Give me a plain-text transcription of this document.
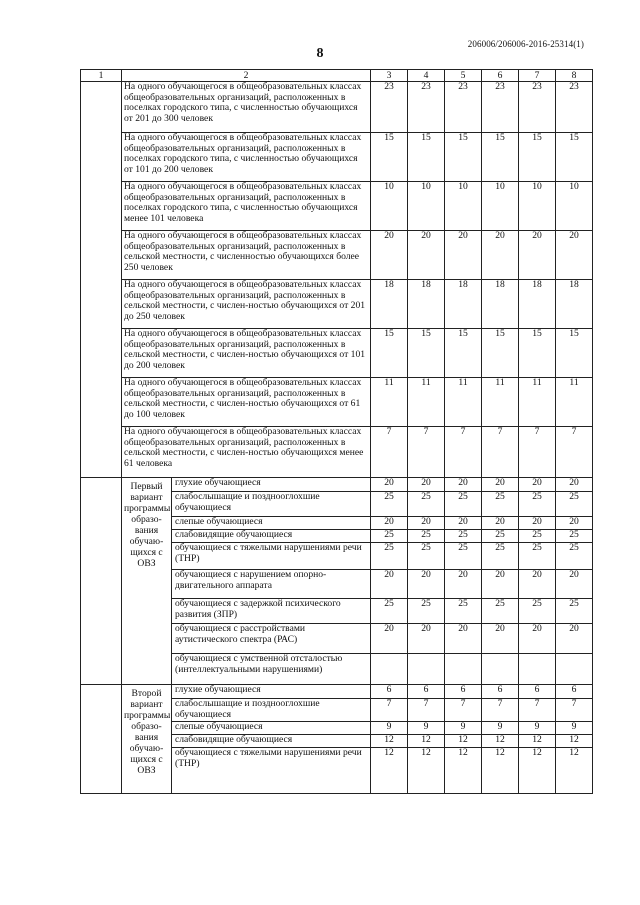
206006/206006-2016-25314(1)
8
1	2		3	4	5	6	7	8
	На одного обучающегося в общеобразовательных классах общеобразовательных организаций, расположенных в поселках городского типа, с численностью обучающихся от 201 до 300 человек		23	23	23	23	23	23
	На одного обучающегося в общеобразовательных классах общеобразовательных организаций, расположенных в поселках городского типа, с численностью обучающихся от 101 до 200 человек		15	15	15	15	15	15
	На одного обучающегося в общеобразовательных классах общеобразовательных организаций, расположенных в поселках городского типа, с численностью обучающихся менее 101 человека		10	10	10	10	10	10
	На одного обучающегося в общеобразовательных классах общеобразовательных организаций, расположенных в сельской местности, с численностью обучающихся более 250 человек		20	20	20	20	20	20
	На одного обучающегося в общеобразовательных классах общеобразовательных организаций, расположенных в сельской местности, с числен-ностью обучающихся от 201 до 250 человек		18	18	18	18	18	18
	На одного обучающегося в общеобразовательных классах общеобразовательных организаций, расположенных в сельской местности, с числен-ностью обучающихся от 101 до 200 человек		15	15	15	15	15	15
	На одного обучающегося в общеобразовательных классах общеобразовательных организаций, расположенных в сельской местности, с числен-ностью обучающихся от 61 до 100 человек		11	11	11	11	11	11
	На одного обучающегося в общеобразовательных классах общеобразовательных организаций, расположенных в сельской местности, с числен-ностью обучающихся менее 61 человека		7	7	7	7	7	7
	Первый вариант программы образо-вания обучаю-щихся с ОВЗ	глухие обучающиеся	20	20	20	20	20	20
		слабослышащие и позднооглохшие обучающиеся	25	25	25	25	25	25
		слепые обучающиеся	20	20	20	20	20	20
		слабовидящие обучающиеся	25	25	25	25	25	25
		обучающиеся с тяжелыми нарушениями речи (ТНР)	25	25	25	25	25	25
		обучающиеся с нарушением опорно-двигательного аппарата	20	20	20	20	20	20
		обучающиеся с задержкой психического развития (ЗПР)	25	25	25	25	25	25
		обучающиеся с расстройствами аутистического спектра (РАС)	20	20	20	20	20	20
		обучающиеся с умственной отсталостью (интеллектуальными нарушениями)						
	Второй вариант программы образо-вания обучаю-щихся с ОВЗ	глухие обучающиеся	6	6	6	6	6	6
		слабослышащие и позднооглохшие обучающиеся	7	7	7	7	7	7
		слепые обучающиеся	9	9	9	9	9	9
		слабовидящие обучающиеся	12	12	12	12	12	12
		обучающиеся с тяжелыми нарушениями речи (ТНР)	12	12	12	12	12	12
